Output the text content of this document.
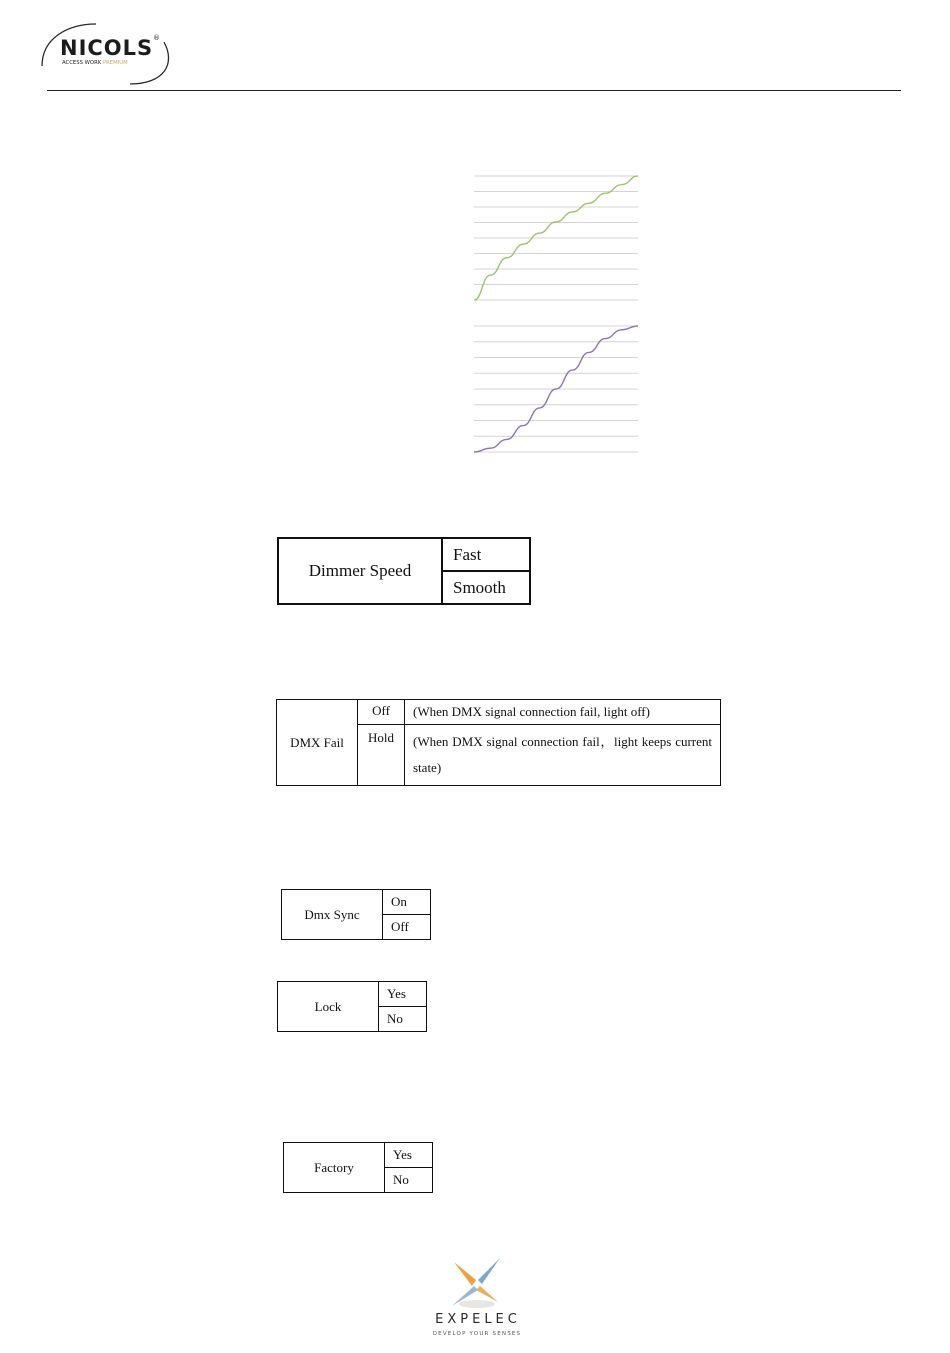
NICOLS ®
ACCESS WORK PREMIUM
Dimmer Speed	Fast
Smooth
DMX Fail	Off	(When DMX signal connection fail, light off)
	Hold	(When DMX signal connection fail，light keeps current state)
Dmx Sync	On
Off
Lock	Yes
No
Factory	Yes
No
EXPELEC
DEVELOP YOUR SENSES
